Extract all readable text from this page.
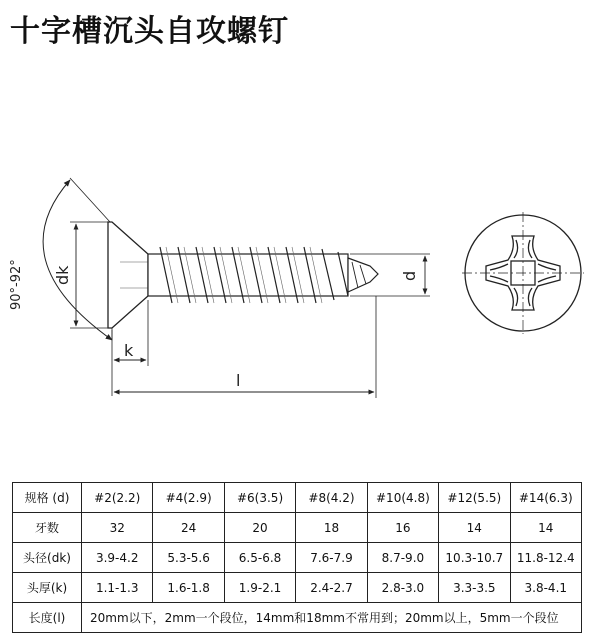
十字槽沉头自攻螺钉
90°-92° dk	d
k
l
规格 (d)	#2(2.2)	#4(2.9)	#6(3.5)	#8(4.2)	#10(4.8)	#12(5.5)	#14(6.3)
牙数	32	24	20	18	16	14	14
头径(dk)	3.9-4.2	5.3-5.6	6.5-6.8	7.6-7.9	8.7-9.0	10.3-10.7	11.8-12.4
头厚(k)	1.1-1.3	1.6-1.8	1.9-2.1	2.4-2.7	2.8-3.0	3.3-3.5	3.8-4.1
长度(l)	20mm以下，2mm一个段位，14mm和18mm不常用到；20mm以上，5mm一个段位						
